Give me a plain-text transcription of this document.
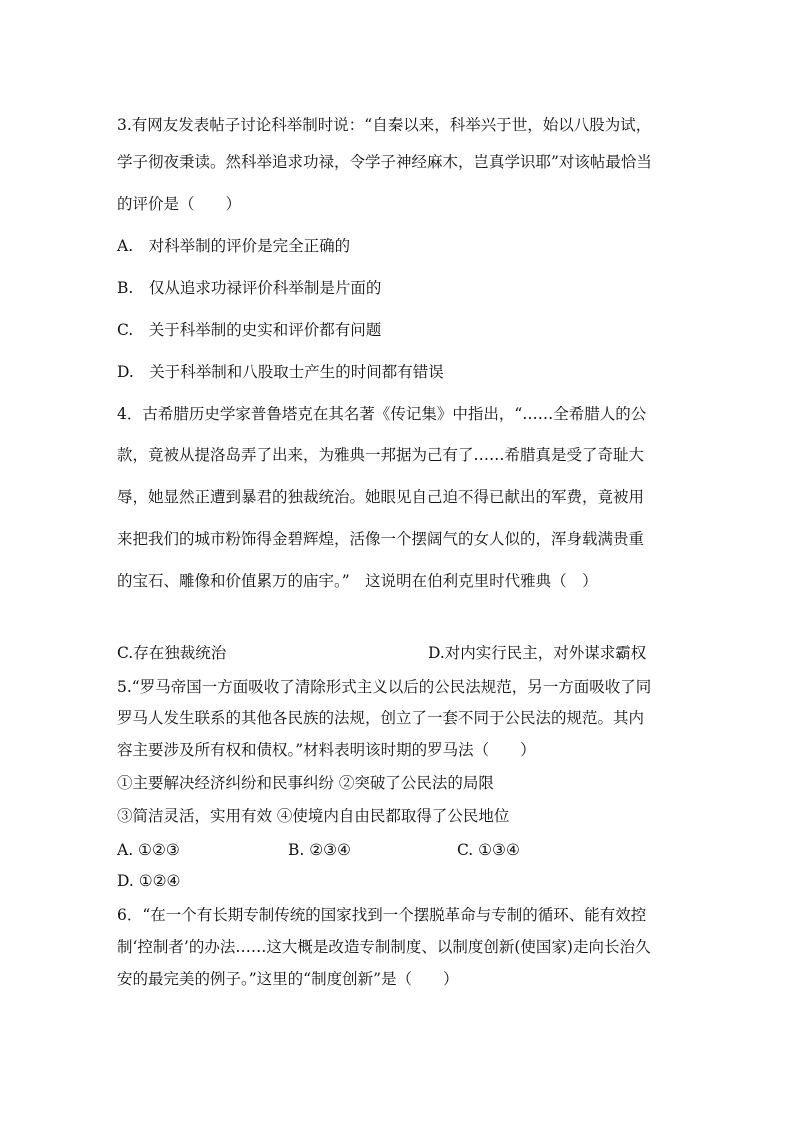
3.有网友发表帖子讨论科举制时说：“自秦以来，科举兴于世，始以八股为试，
学子彻夜秉读。然科举追求功禄，令学子神经麻木，岂真学识耶”对该帖最恰当
的评价是（　　）
A.　对科举制的评价是完全正确的
B.　仅从追求功禄评价科举制是片面的
C.　关于科举制的史实和评价都有问题
D.　关于科举制和八股取士产生的时间都有错误
4．古希腊历史学家普鲁塔克在其名著《传记集》中指出，“……全希腊人的公
款，竟被从提洛岛弄了出来，为雅典一邦据为己有了……希腊真是受了奇耻大
辱，她显然正遭到暴君的独裁统治。她眼见自己迫不得已献出的军费，竟被用
来把我们的城市粉饰得金碧辉煌，活像一个摆阔气的女人似的，浑身载满贵重
的宝石、雕像和价值累万的庙宇。”　这说明在伯利克里时代雅典（　）
C.存在独裁统治	D.对内实行民主，对外谋求霸权
5.“罗马帝国一方面吸收了清除形式主义以后的公民法规范，另一方面吸收了同
罗马人发生联系的其他各民族的法规，创立了一套不同于公民法的规范。其内
容主要涉及所有权和债权。”材料表明该时期的罗马法（　　）
①主要解决经济纠纷和民事纠纷 ②突破了公民法的局限
③简洁灵活，实用有效 ④使境内自由民都取得了公民地位
A. ①②③	B. ②③④	C. ①③④
D. ①②④
6．“在一个有长期专制传统的国家找到一个摆脱革命与专制的循环、能有效控
制‘控制者’的办法……这大概是改造专制制度、以制度创新(使国家)走向长治久
安的最完美的例子。”这里的“制度创新”是（　　）
